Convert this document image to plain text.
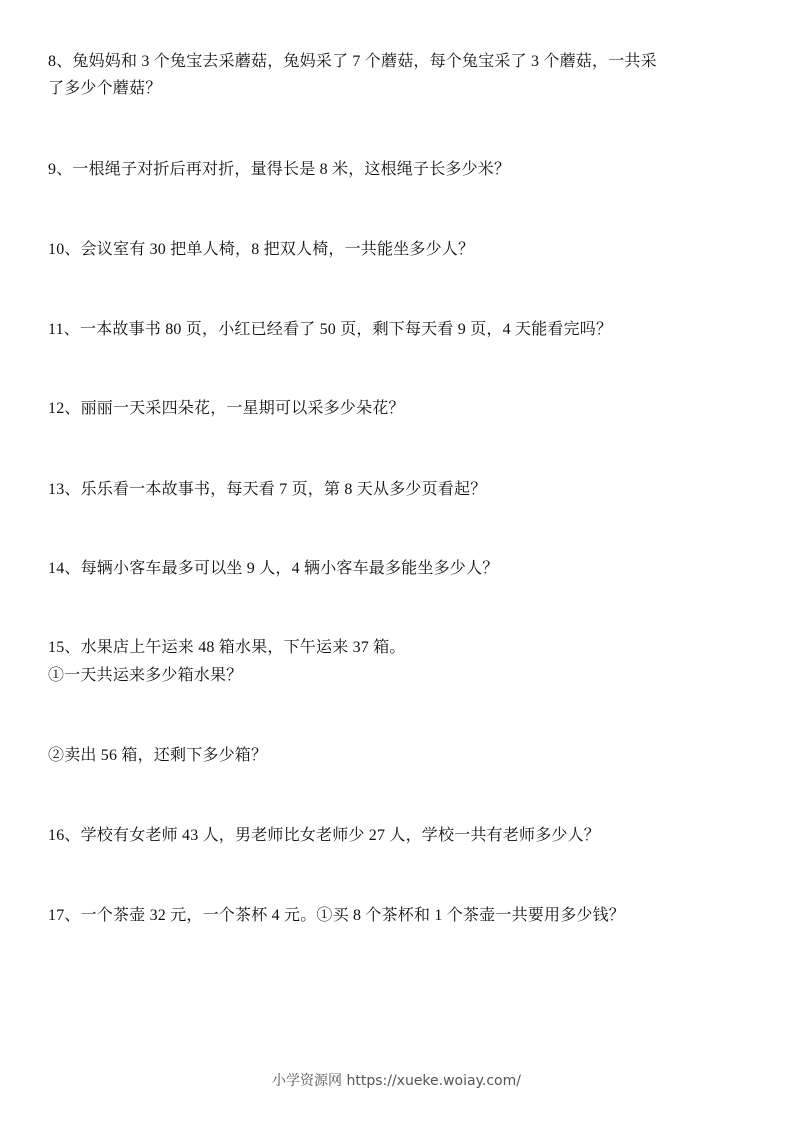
8、兔妈妈和 3 个兔宝去采蘑菇，兔妈采了 7 个蘑菇，每个兔宝采了 3 个蘑菇，一共采
了多少个蘑菇？
9、一根绳子对折后再对折，量得长是 8 米，这根绳子长多少米？
10、会议室有 30 把单人椅，8 把双人椅，一共能坐多少人？
11、一本故事书 80 页，小红已经看了 50 页，剩下每天看 9 页，4 天能看完吗？
12、丽丽一天采四朵花，一星期可以采多少朵花？
13、乐乐看一本故事书，每天看 7 页，第 8 天从多少页看起？
14、每辆小客车最多可以坐 9 人，4 辆小客车最多能坐多少人？
15、水果店上午运来 48 箱水果，下午运来 37 箱。
①一天共运来多少箱水果？
②卖出 56 箱，还剩下多少箱？
16、学校有女老师 43 人，男老师比女老师少 27 人，学校一共有老师多少人？
17、一个茶壶 32 元，一个茶杯 4 元。①买 8 个茶杯和 1 个茶壶一共要用多少钱？
小学资源网 https://xueke.woiay.com/
